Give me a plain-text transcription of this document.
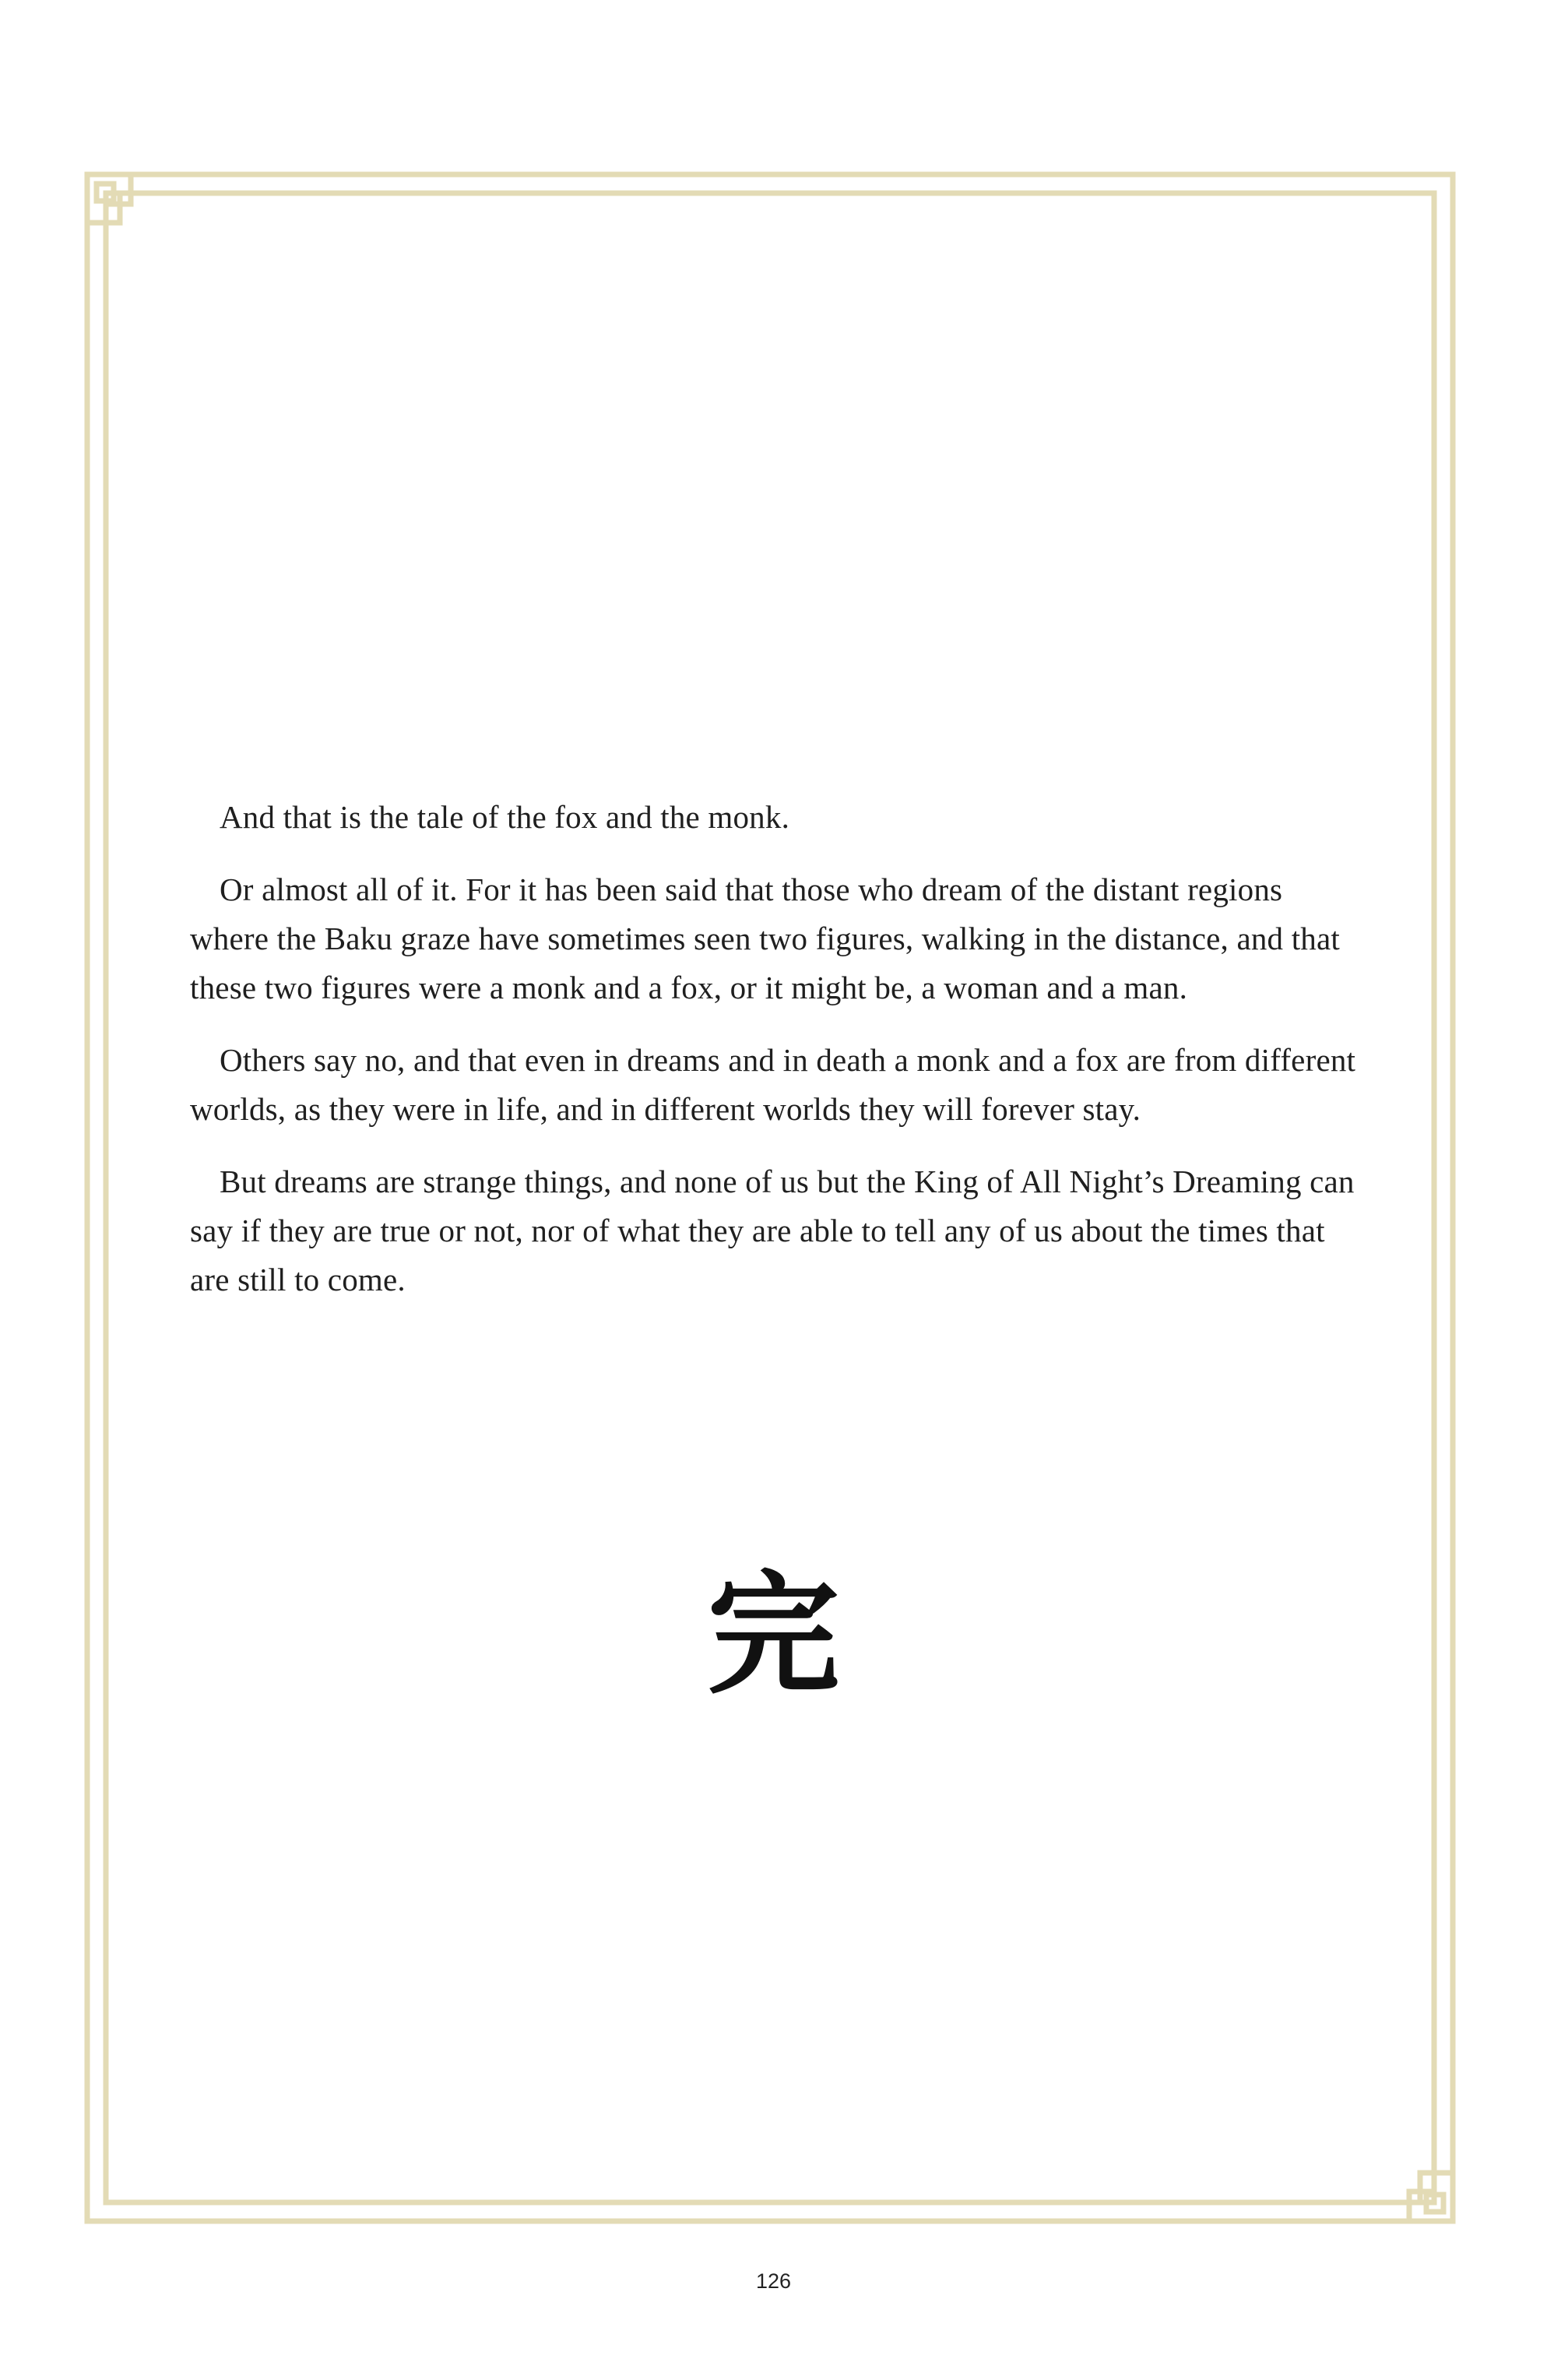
And that is the tale of the fox and the monk.

Or almost all of it. For it has been said that those who dream of the distant regions where the Baku graze have sometimes seen two figures, walking in the distance, and that these two figures were a monk and a fox, or it might be, a woman and a man.

Others say no, and that even in dreams and in death a monk and a fox are from different worlds, as they were in life, and in different worlds they will forever stay.

But dreams are strange things, and none of us but the King of All Night’s Dreaming can say if they are true or not, nor of what they are able to tell any of us about the times that are still to come.

完
126
